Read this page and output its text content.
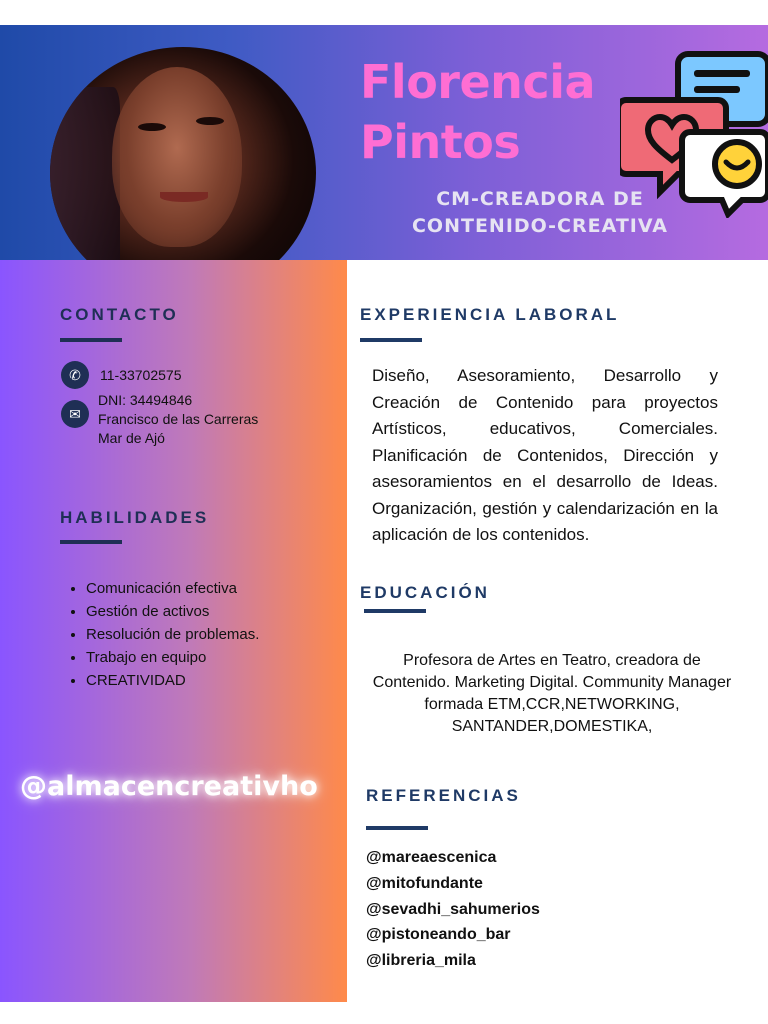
Florencia
Pintos
CM-CREADORA DE
CONTENIDO-CREATIVA
CONTACTO
✆	11-33702575
✉
DNI: 34494846
Francisco de las Carreras
Mar de Ajó
HABILIDADES
• Comunicación efectiva
• Gestión de activos
• Resolución de problemas.
• Trabajo en equipo
• CREATIVIDAD
@almacencreativho
EXPERIENCIA LABORAL
Diseño, Asesoramiento, Desarrollo y Creación de Contenido para proyectos Artísticos, educativos, Comerciales. Planificación de Contenidos, Dirección y asesoramientos en el desarrollo de Ideas. Organización, gestión y calendarización en la aplicación de los contenidos.
EDUCACIÓN
Profesora de Artes en Teatro, creadora de Contenido. Marketing Digital. Community Manager formada ETM,CCR,NETWORKING, SANTANDER,DOMESTIKA,
REFERENCIAS
@mareaescenica
@mitofundante
@sevadhi_sahumerios
@pistoneando_bar
@libreria_mila
